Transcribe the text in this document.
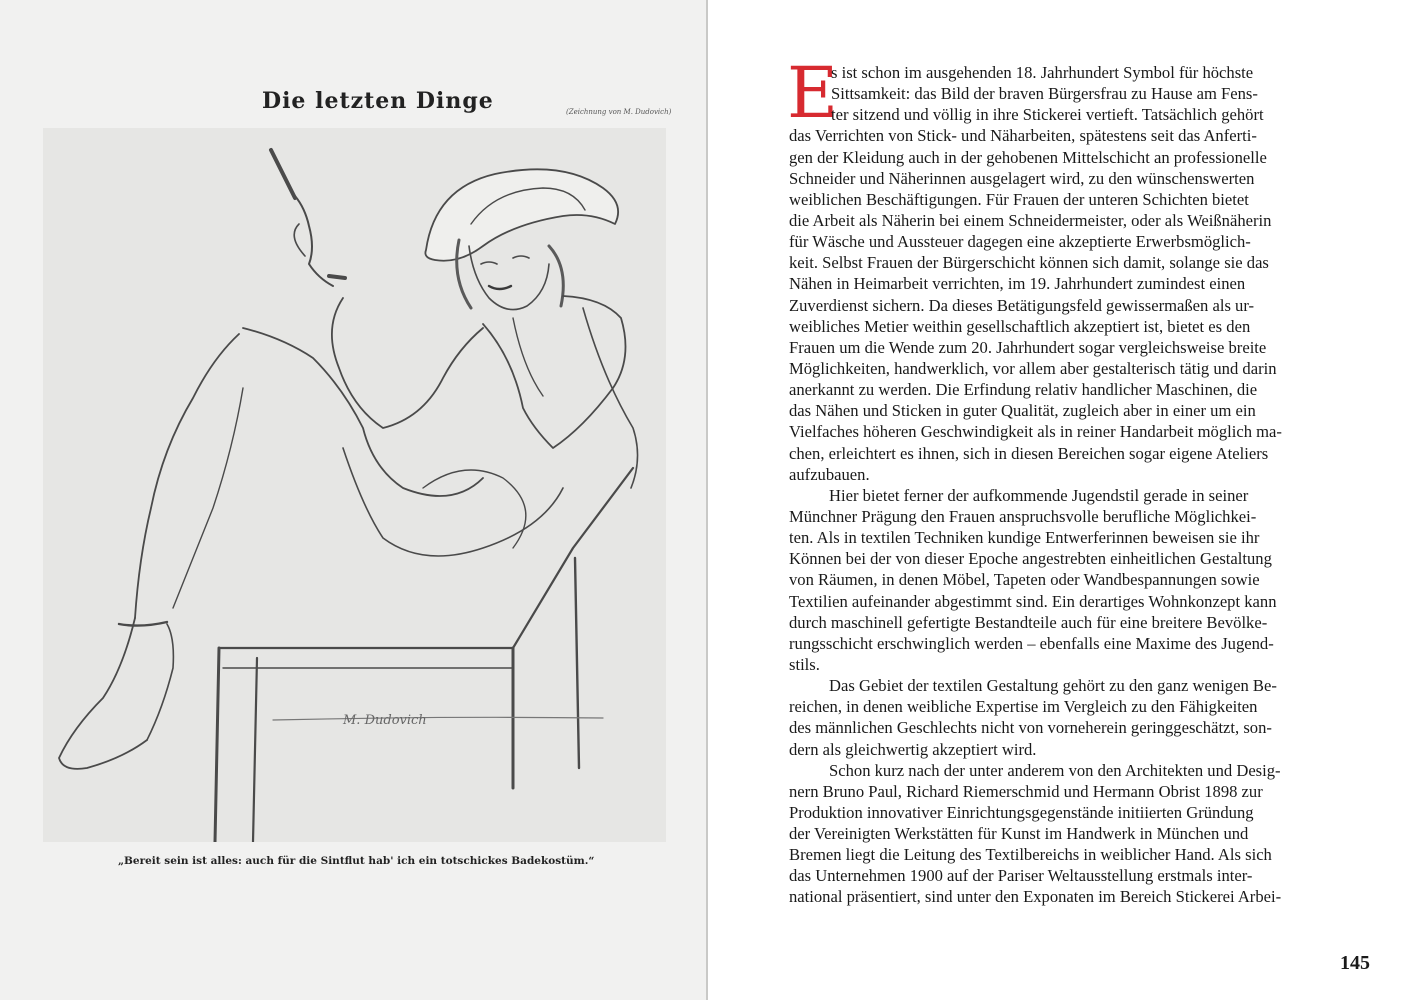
Die letzten Dinge	(Zeichnung von M. Dudovich)
M. Dudovich
„Bereit sein ist alles: auch für die Sintflut hab' ich ein totschickes Badekostüm.“
E
s ist schon im ausgehenden 18. Jahrhundert Symbol für höchste
Sittsamkeit: das Bild der braven Bürgersfrau zu Hause am Fens-
ter sitzend und völlig in ihre Stickerei vertieft. Tatsächlich gehört
das Verrichten von Stick- und Näharbeiten, spätestens seit das Anferti-
gen der Kleidung auch in der gehobenen Mittelschicht an professionelle
Schneider und Näherinnen ausgelagert wird, zu den wünschenswerten
weiblichen Beschäftigungen. Für Frauen der unteren Schichten bietet
die Arbeit als Näherin bei einem Schneidermeister, oder als Weißnäherin
für Wäsche und Aussteuer dagegen eine akzeptierte Erwerbsmöglich-
keit. Selbst Frauen der Bürgerschicht können sich damit, solange sie das
Nähen in Heimarbeit verrichten, im 19. Jahrhundert zumindest einen
Zuverdienst sichern. Da dieses Betätigungsfeld gewissermaßen als ur-
weibliches Metier weithin gesellschaftlich akzeptiert ist, bietet es den
Frauen um die Wende zum 20. Jahrhundert sogar vergleichsweise breite
Möglichkeiten, handwerklich, vor allem aber gestalterisch tätig und darin
anerkannt zu werden. Die Erfindung relativ handlicher Maschinen, die
das Nähen und Sticken in guter Qualität, zugleich aber in einer um ein
Vielfaches höheren Geschwindigkeit als in reiner Handarbeit möglich ma-
chen, erleichtert es ihnen, sich in diesen Bereichen sogar eigene Ateliers
aufzubauen.
Hier bietet ferner der aufkommende Jugendstil gerade in seiner
Münchner Prägung den Frauen anspruchsvolle berufliche Möglichkei-
ten. Als in textilen Techniken kundige Entwerferinnen beweisen sie ihr
Können bei der von dieser Epoche angestrebten einheitlichen Gestaltung
von Räumen, in denen Möbel, Tapeten oder Wandbespannungen sowie
Textilien aufeinander abgestimmt sind. Ein derartiges Wohnkonzept kann
durch maschinell gefertigte Bestandteile auch für eine breitere Bevölke-
rungsschicht erschwinglich werden – ebenfalls eine Maxime des Jugend-
stils.
Das Gebiet der textilen Gestaltung gehört zu den ganz wenigen Be-
reichen, in denen weibliche Expertise im Vergleich zu den Fähigkeiten
des männlichen Geschlechts nicht von vorneherein geringgeschätzt, son-
dern als gleichwertig akzeptiert wird.
Schon kurz nach der unter anderem von den Architekten und Desig-
nern Bruno Paul, Richard Riemerschmid und Hermann Obrist 1898 zur
Produktion innovativer Einrichtungsgegenstände initiierten Gründung
der Vereinigten Werkstätten für Kunst im Handwerk in München und
Bremen liegt die Leitung des Textilbereichs in weiblicher Hand. Als sich
das Unternehmen 1900 auf der Pariser Weltausstellung erstmals inter-
national präsentiert, sind unter den Exponaten im Bereich Stickerei Arbei-
145
